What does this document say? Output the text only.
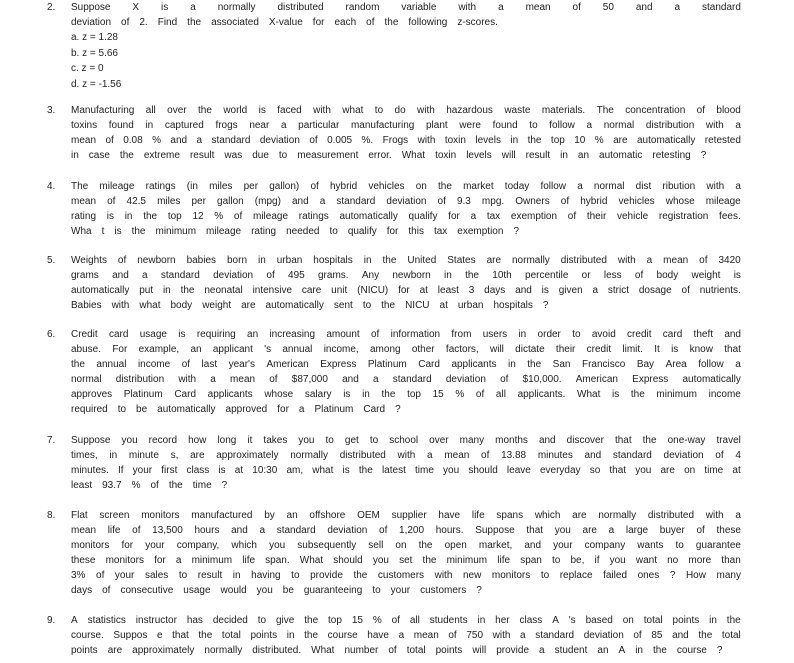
2.	Suppose X is a normally distributed random variable with a mean of 50 and a standard
deviation of 2. Find the associated X-value for each of the following z-scores.
a. z = 1.28
b. z = 5.66
c. z = 0
d. z = -1.56
3.	Manufacturing all over the world is faced with what to do with hazardous waste materials. The concentration of blood
toxins found in captured frogs near a particular manufacturing plant were found to follow a normal distribution with a
mean of 0.08 % and a standard deviation of 0.005 %. Frogs with toxin levels in the top 10 % are automatically retested
in case the extreme result was due to measurement error. What toxin levels will result in an automatic retesting ?
4.	The mileage ratings (in miles per gallon) of hybrid vehicles on the market today follow a normal dist ribution with a
mean of 42.5 miles per gallon (mpg) and a standard deviation of 9.3 mpg. Owners of hybrid vehicles whose mileage
rating is in the top 12 % of mileage ratings automatically qualify for a tax exemption of their vehicle registration fees.
Wha t is the minimum mileage rating needed to qualify for this tax exemption ?
5.	Weights of newborn babies born in urban hospitals in the United States are normally distributed with a mean of 3420
grams and a standard deviation of 495 grams. Any newborn in the 10th percentile or less of body weight is
automatically put in the neonatal intensive care unit (NICU) for at least 3 days and is given a strict dosage of nutrients.
Babies with what body weight are automatically sent to the NICU at urban hospitals ?
6.	Credit card usage is requiring an increasing amount of information from users in order to avoid credit card theft and
abuse. For example, an applicant 's annual income, among other factors, will dictate their credit limit. It is know that
the annual income of last year's American Express Platinum Card applicants in the San Francisco Bay Area follow a
normal distribution with a mean of $87,000 and a standard deviation of $10,000. American Express automatically
approves Platinum Card applicants whose salary is in the top 15 % of all applicants. What is the minimum income
required to be automatically approved for a Platinum Card ?
7.	Suppose you record how long it takes you to get to school over many months and discover that the one-way travel
times, in minute s, are approximately normally distributed with a mean of 13.88 minutes and standard deviation of 4
minutes. If your first class is at 10:30 am, what is the latest time you should leave everyday so that you are on time at
least 93.7 % of the time ?
8.	Flat screen monitors manufactured by an offshore OEM supplier have life spans which are normally distributed with a
mean life of 13,500 hours and a standard deviation of 1,200 hours. Suppose that you are a large buyer of these
monitors for your company, which you subsequently sell on the open market, and your company wants to guarantee
these monitors for a minimum life span. What should you set the minimum life span to be, if you want no more than
3% of your sales to result in having to provide the customers with new monitors to replace failed ones ? How many
days of consecutive usage would you be guaranteeing to your customers ?
9.	A statistics instructor has decided to give the top 15 % of all students in her class A 's based on total points in the
course. Suppos e that the total points in the course have a mean of 750 with a standard deviation of 85 and the total
points are approximately normally distributed. What number of total points will provide a student an A in the course ?
